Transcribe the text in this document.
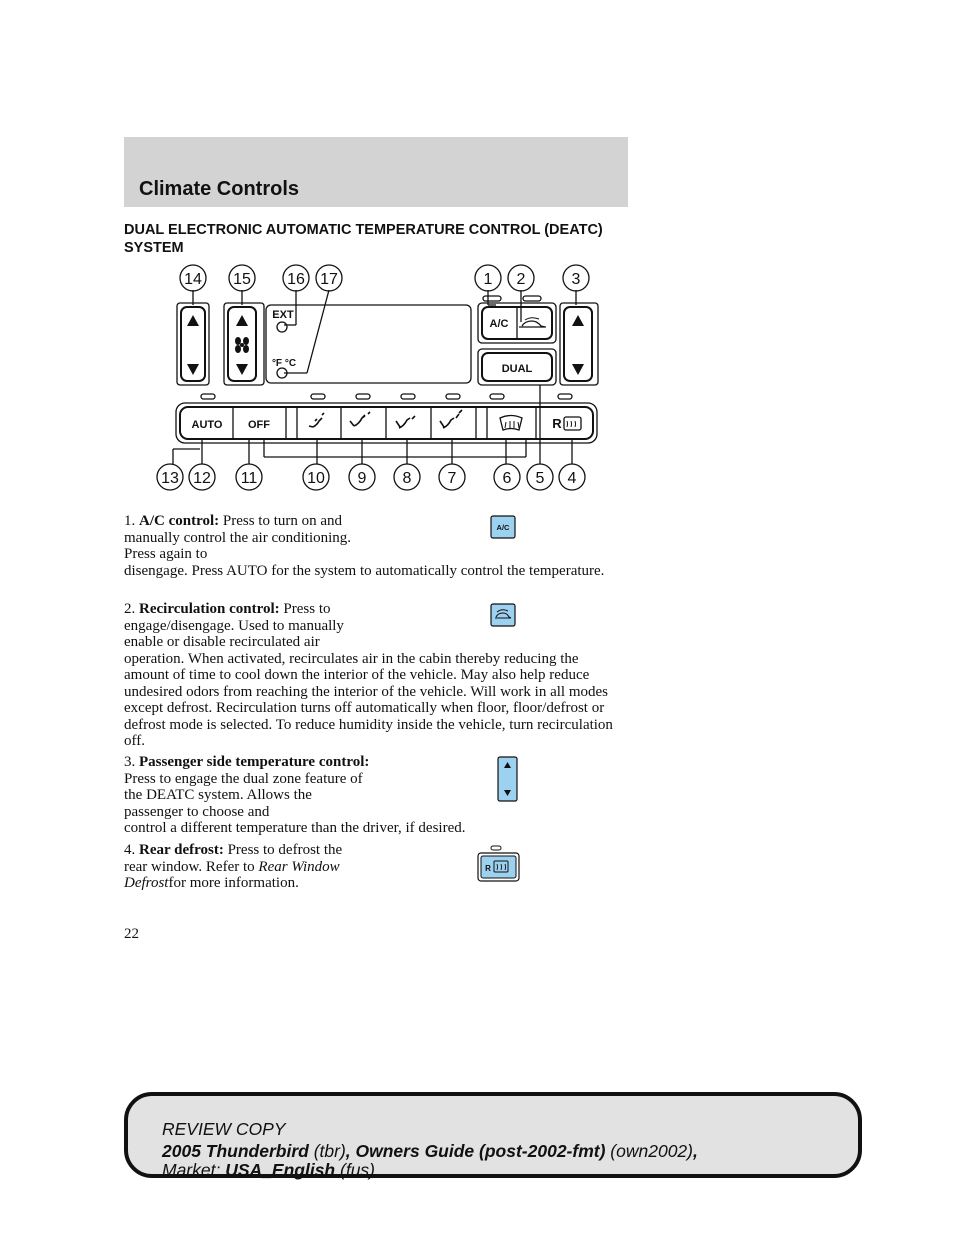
Climate Controls
DUAL ELECTRONIC AUTOMATIC TEMPERATURE CONTROL (DEATC) SYSTEM
14 15 16 17	1 2	3
13 12 11	10 9 8 7	6 5 4
EXT
°F °C
A/C
DUAL
AUTO OFF	R
1. A/C control: Press to turn on and manually control the air conditioning. Press again to
disengage. Press AUTO for the system to automatically control the temperature.
A/C
2. Recirculation control: Press to engage/disengage. Used to manually enable or disable recirculated air
operation. When activated, recirculates air in the cabin thereby reducing the amount of time to cool down the interior of the vehicle. May also help reduce undesired odors from reaching the interior of the vehicle. Will work in all modes except defrost. Recirculation turns off automatically when floor, floor/defrost or defrost mode is selected. To reduce humidity inside the vehicle, turn recirculation off.
3. Passenger side temperature control: Press to engage the dual zone feature of the DEATC system. Allows the passenger to choose and
control a different temperature than the driver, if desired.
4. Rear defrost: Press to defrost the rear window. Refer to Rear Window Defrostfor more information.
R
22
REVIEW COPY
2005 Thunderbird (tbr), Owners Guide (post-2002-fmt) (own2002),
Market: USA_English (fus)
